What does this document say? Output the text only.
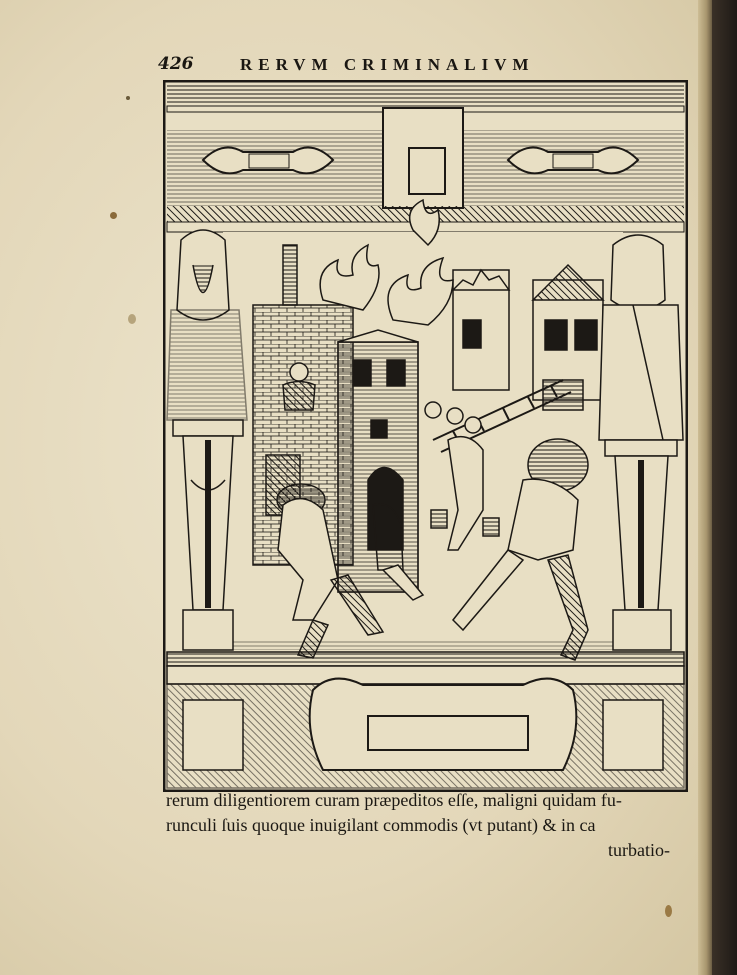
426	RERVM CRIMINALIVM
rerum diligentiorem curam præpeditos eſſe, maligni quidam fu-
runculi ſuis quoque inuigilant commodis (vt putant) & in ca
turbatio-
